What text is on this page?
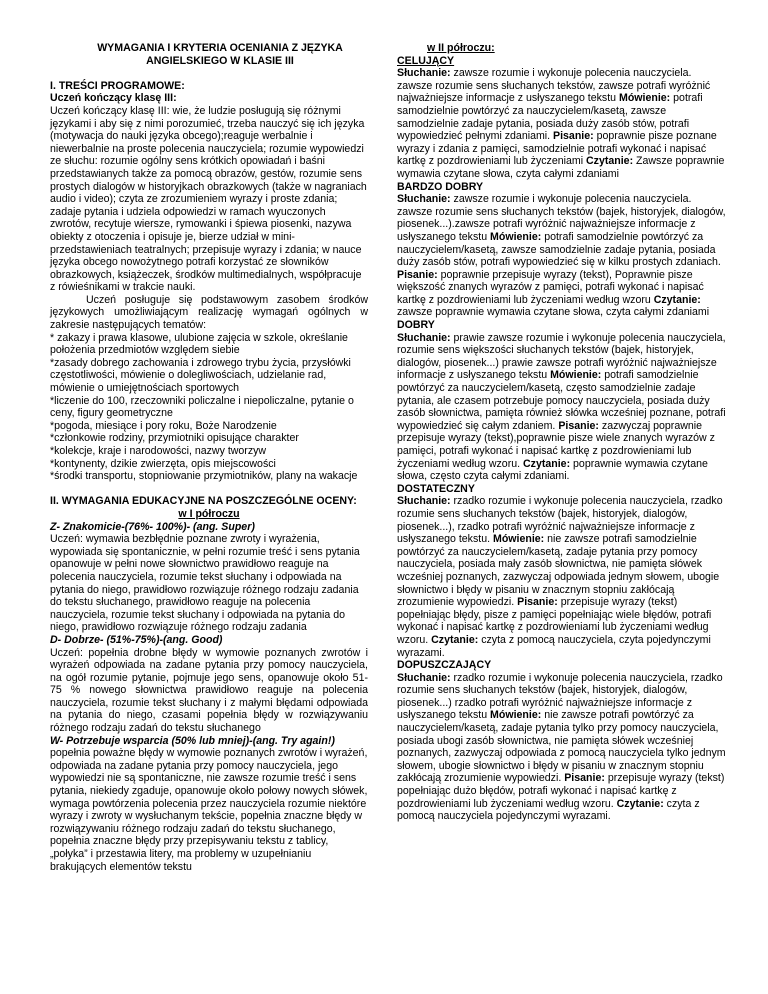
WYMAGANIA I KRYTERIA OCENIANIA Z JĘZYKA

ANGIELSKIEGO W KLASIE III

I. TREŚCI PROGRAMOWE:

Uczeń kończący klasę III:

Uczeń kończący klasę III: wie, że ludzie posługują się różnymi językami i aby się z nimi porozumieć, trzeba nauczyć się ich języka (motywacja do nauki języka obcego);reaguje werbalnie i niewerbalnie na proste polecenia nauczyciela; rozumie wypowiedzi ze słuchu: rozumie ogólny sens krótkich opowiadań i baśni przedstawianych także za pomocą obrazów, gestów, rozumie sens prostych dialogów w historyjkach obrazkowych (także w nagraniach audio i video); czyta ze zrozumieniem wyrazy i proste zdania; zadaje pytania i udziela odpowiedzi w ramach wyuczonych zwrotów, recytuje wiersze, rymowanki i śpiewa piosenki, nazywa obiekty z otoczenia i opisuje je, bierze udział w mini-przedstawieniach teatralnych; przepisuje wyrazy i zdania; w nauce języka obcego nowożytnego potrafi korzystać ze słowników obrazkowych, książeczek, środków multimedialnych, współpracuje z rówieśnikami w trakcie nauki.

Uczeń posługuje się podstawowym zasobem środków językowych umożliwiającym realizację wymagań ogólnych w zakresie następujących tematów:

* zakazy i prawa klasowe, ulubione zajęcia w szkole, określanie położenia przedmiotów względem siebie

*zasady dobrego zachowania i zdrowego trybu życia, przysłówki częstotliwości, mówienie o dolegliwościach, udzielanie rad, mówienie o umiejętnościach sportowych

*liczenie do 100, rzeczowniki policzalne i niepoliczalne, pytanie o ceny, figury geometryczne

*pogoda, miesiące i pory roku, Boże Narodzenie

*członkowie rodziny, przymiotniki opisujące charakter

*kolekcje, kraje i narodowości, nazwy tworzyw

*kontynenty, dzikie zwierzęta, opis miejscowości

*środki transportu, stopniowanie przymiotników, plany na wakacje

II. WYMAGANIA EDUKACYJNE NA POSZCZEGÓLNE OCENY:

w I półroczu

Z- Znakomicie-(76%- 100%)- (ang. Super)

Uczeń: wymawia bezbłędnie poznane zwroty i wyrażenia, wypowiada się spontanicznie, w pełni rozumie treść i sens pytania opanowuje w pełni nowe słownictwo prawidłowo reaguje na polecenia nauczyciela, rozumie tekst słuchany i odpowiada na pytania do niego, prawidłowo rozwiązuje różnego rodzaju zadania do tekstu słuchanego, prawidłowo reaguje na polecenia nauczyciela, rozumie tekst słuchany i odpowiada na pytania do niego, prawidłowo rozwiązuje różnego rodzaju zadania

D- Dobrze- (51%-75%)-(ang. Good)

Uczeń: popełnia drobne błędy w wymowie poznanych zwrotów i wyrażeń odpowiada na zadane pytania przy pomocy nauczyciela, na ogół rozumie pytanie, pojmuje jego sens, opanowuje około 51-75 % nowego słownictwa prawidłowo reaguje na polecenia nauczyciela, rozumie tekst słuchany i z małymi błędami odpowiada na pytania do niego, czasami popełnia błędy w rozwiązywaniu różnego rodzaju zadań do tekstu słuchanego

W- Potrzebuje wsparcia (50% lub mniej)-(ang. Try again!)

popełnia poważne błędy w wymowie poznanych zwrotów i wyrażeń, odpowiada na zadane pytania przy pomocy nauczyciela, jego wypowiedzi nie są spontaniczne, nie zawsze rozumie treść i sens pytania, niekiedy zgaduje, opanowuje około połowy nowych słówek, wymaga powtórzenia polecenia przez nauczyciela rozumie niektóre wyrazy i zwroty w wysłuchanym tekście, popełnia znaczne błędy w rozwiązywaniu różnego rodzaju zadań do tekstu słuchanego, popełnia znaczne błędy przy przepisywaniu tekstu z tablicy, „połyka” i przestawia litery, ma problemy w uzupełnianiu brakujących elementów tekstu

w II półroczu:

CELUJĄCY

Słuchanie: zawsze rozumie i wykonuje polecenia nauczyciela. zawsze rozumie sens słuchanych tekstów, zawsze potrafi wyróżnić najważniejsze informacje z usłyszanego tekstu Mówienie: potrafi samodzielnie powtórzyć za nauczycielem/kasetą, zawsze samodzielnie zadaje pytania, posiada duży zasób stów, potrafi wypowiedzieć pełnymi zdaniami. Pisanie: poprawnie pisze poznane wyrazy i zdania z pamięci, samodzielnie potrafi wykonać i napisać kartkę z pozdrowieniami lub życzeniami Czytanie: Zawsze poprawnie wymawia czytane słowa, czyta całymi zdaniami

BARDZO DOBRY

Słuchanie: zawsze rozumie i wykonuje polecenia nauczyciela. zawsze rozumie sens słuchanych tekstów (bajek, historyjek, dialogów, piosenek...).zawsze potrafi wyróżnić najważniejsze informacje z usłyszanego tekstu Mówienie: potrafi samodzielnie powtórzyć za nauczycielem/kasetą, zawsze samodzielnie zadaje pytania, posiada duży zasób stów, potrafi wypowiedzieć się w kilku prostych zdaniach. Pisanie: poprawnie przepisuje wyrazy (tekst), Poprawnie pisze większość znanych wyrazów z pamięci, potrafi wykonać i napisać kartkę z pozdrowieniami lub życzeniami według wzoru Czytanie: zawsze poprawnie wymawia czytane słowa, czyta całymi zdaniami

DOBRY

Słuchanie: prawie zawsze rozumie i wykonuje polecenia nauczyciela, rozumie sens większości słuchanych tekstów (bajek, historyjek, dialogów, piosenek...) prawie zawsze potrafi wyróżnić najważniejsze informacje z usłyszanego tekstu Mówienie: potrafi samodzielnie powtórzyć za nauczycielem/kasetą, często samodzielnie zadaje pytania, ale czasem potrzebuje pomocy nauczyciela, posiada duży zasób słownictwa, pamięta również słówka wcześniej poznane, potrafi wypowiedzieć się całym zdaniem. Pisanie: zazwyczaj poprawnie przepisuje wyrazy (tekst),poprawnie pisze wiele znanych wyrazów z pamięci, potrafi wykonać i napisać kartkę z pozdrowieniami lub życzeniami według wzoru. Czytanie: poprawnie wymawia czytane słowa, często czyta całymi zdaniami.

DOSTATECZNY

Słuchanie: rzadko rozumie i wykonuje polecenia nauczyciela, rzadko rozumie sens słuchanych tekstów (bajek, historyjek, dialogów, piosenek...), rzadko potrafi wyróżnić najważniejsze informacje z usłyszanego tekstu. Mówienie: nie zawsze potrafi samodzielnie powtórzyć za nauczycielem/kasetą, zadaje pytania przy pomocy nauczyciela, posiada mały zasób słownictwa, nie pamięta słówek wcześniej poznanych, zazwyczaj odpowiada jednym słowem, ubogie słownictwo i błędy w pisaniu w znacznym stopniu zakłócają zrozumienie wypowiedzi. Pisanie: przepisuje wyrazy (tekst) popełniając błędy, pisze z pamięci popełniając wiele błędów, potrafi wykonać i napisać kartkę z pozdrowieniami lub życzeniami według wzoru. Czytanie: czyta z pomocą nauczyciela, czyta pojedynczymi wyrazami.

DOPUSZCZAJĄCY

Słuchanie: rzadko rozumie i wykonuje polecenia nauczyciela, rzadko rozumie sens słuchanych tekstów (bajek, historyjek, dialogów, piosenek...) rzadko potrafi wyróżnić najważniejsze informacje z usłyszanego tekstu Mówienie: nie zawsze potrafi powtórzyć za nauczycielem/kasetą, zadaje pytania tylko przy pomocy nauczyciela, posiada ubogi zasób słownictwa, nie pamięta słówek wcześniej poznanych, zazwyczaj odpowiada z pomocą nauczyciela tylko jednym słowem, ubogie słownictwo i błędy w pisaniu w znacznym stopniu zakłócają zrozumienie wypowiedzi. Pisanie: przepisuje wyrazy (tekst) popełniając dużo błędów, potrafi wykonać i napisać kartkę z pozdrowieniami lub życzeniami według wzoru. Czytanie: czyta z pomocą nauczyciela pojedynczymi wyrazami.
